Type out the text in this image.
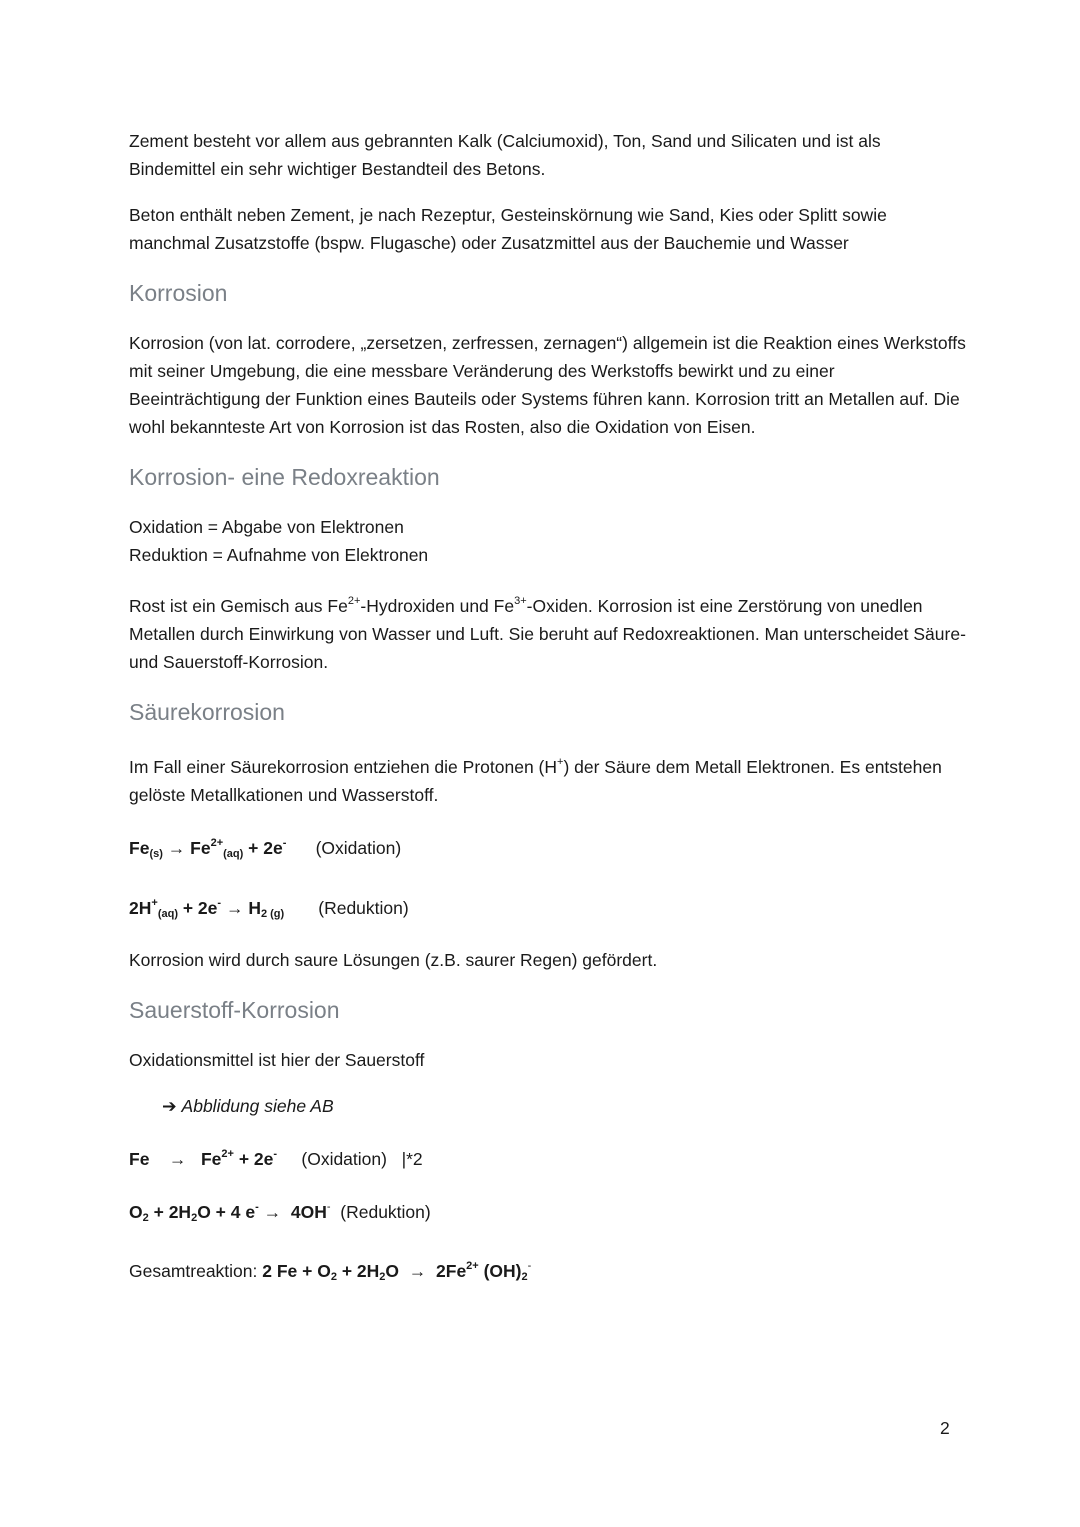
Zement besteht vor allem aus gebrannten Kalk (Calciumoxid), Ton, Sand und Silicaten und ist als Bindemittel ein sehr wichtiger Bestandteil des Betons.

Beton enthält neben Zement, je nach Rezeptur, Gesteinskörnung wie Sand, Kies oder Splitt sowie manchmal Zusatzstoffe (bspw. Flugasche) oder Zusatzmittel aus der Bauchemie und Wasser

Korrosion

Korrosion (von lat. corrodere, „zersetzen, zerfressen, zernagen“) allgemein ist die Reaktion eines Werkstoffs mit seiner Umgebung, die eine messbare Veränderung des Werkstoffs bewirkt und zu einer Beeinträchtigung der Funktion eines Bauteils oder Systems führen kann. Korrosion tritt an Metallen auf. Die wohl bekannteste Art von Korrosion ist das Rosten, also die Oxidation von Eisen.

Korrosion- eine Redoxreaktion

Oxidation = Abgabe von Elektronen

Reduktion = Aufnahme von Elektronen

Rost ist ein Gemisch aus $Fe^{2+}$-Hydroxiden und $Fe^{3+}$-Oxiden. Korrosion ist eine Zerstörung von unedlen Metallen durch Einwirkung von Wasser und Luft. Sie beruht auf Redoxreaktionen. Man unterscheidet Säure- und Sauerstoff-Korrosion.

Säurekorrosion

Im Fall einer Säurekorrosion entziehen die Protonen (H+) der Säure dem Metall Elektronen. Es entstehen gelöste Metallkationen und Wasserstoff.

$Fe_{(s)} \to Fe^{2+}_{(aq)} + 2e^-$ (Oxidation)
$2H^+_{(aq)} + 2e^- \to H_{2 (g)}$ (Reduktion)

Korrosion wird durch saure Lösungen (z.B. saurer Regen) gefördert.

Sauerstoff-Korrosion

Oxidationsmittel ist hier der Sauerstoff

➔ Abblidung siehe AB

$Fe \to Fe^{2+} + 2e^-$ (Oxidation) |*2
$O_2 + 2H_2O + 4$ e- → 4OH- (Reduktion)
Gesamtreaktion: 2 $Fe + O_2 + 2H_2O \to 2Fe^{2+}$ $(OH)_2^-$
2
